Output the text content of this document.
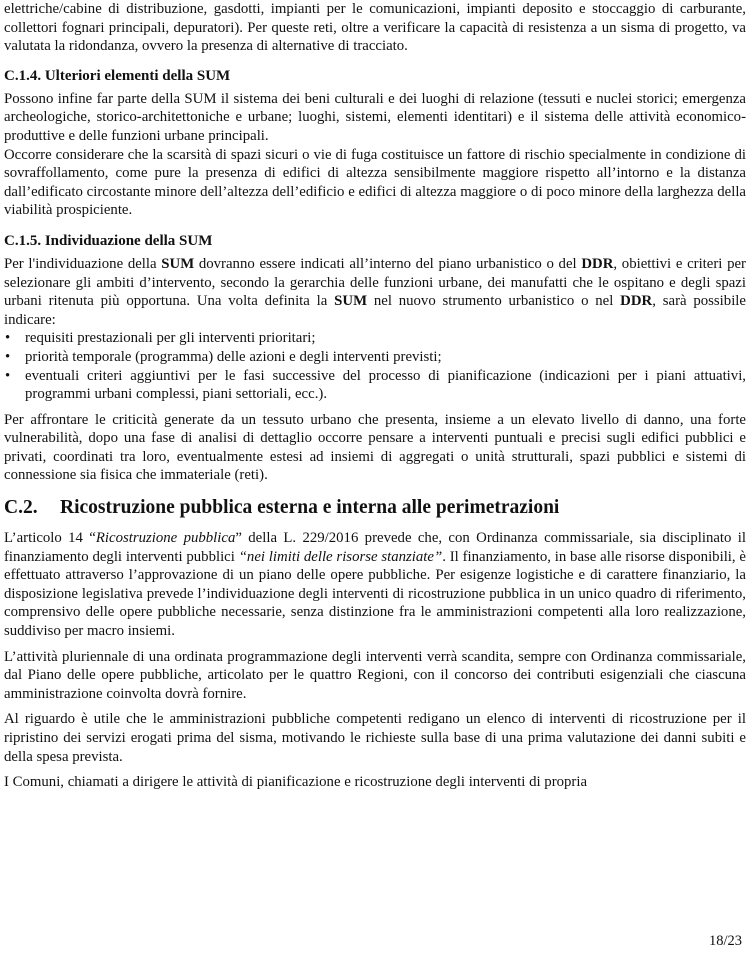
elettriche/cabine di distribuzione, gasdotti, impianti per le comunicazioni, impianti deposito e stoccaggio di carburante, collettori fognari principali, depuratori). Per queste reti, oltre a verificare la capacità di resistenza a un sisma di progetto, va valutata la ridondanza, ovvero la presenza di alternative di tracciato.

C.1.4. Ulteriori elementi della SUM

Possono infine far parte della SUM il sistema dei beni culturali e dei luoghi di relazione (tessuti e nuclei storici; emergenza archeologiche, storico-architettoniche e urbane; luoghi, sistemi, elementi identitari) e il sistema delle attività economico-produttive e delle funzioni urbane principali.

Occorre considerare che la scarsità di spazi sicuri o vie di fuga costituisce un fattore di rischio specialmente in condizione di sovraffollamento, come pure la presenza di edifici di altezza sensibilmente maggiore rispetto all’intorno e la distanza dall’edificato circostante minore dell’altezza dell’edificio e edifici di altezza maggiore o di poco minore della larghezza della viabilità prospiciente.

C.1.5. Individuazione della SUM

Per l'individuazione della SUM dovranno essere indicati all’interno del piano urbanistico o del DDR, obiettivi e criteri per selezionare gli ambiti d’intervento, secondo la gerarchia delle funzioni urbane, dei manufatti che le ospitano e degli spazi urbani ritenuta più opportuna. Una volta definita la SUM nel nuovo strumento urbanistico o nel DDR, sarà possibile indicare:

• requisiti prestazionali per gli interventi prioritari;
• priorità temporale (programma) delle azioni e degli interventi previsti;
• eventuali criteri aggiuntivi per le fasi successive del processo di pianificazione (indicazioni per i piani attuativi, programmi urbani complessi, piani settoriali, ecc.).

Per affrontare le criticità generate da un tessuto urbano che presenta, insieme a un elevato livello di danno, una forte vulnerabilità, dopo una fase di analisi di dettaglio occorre pensare a interventi puntuali e precisi sugli edifici pubblici e privati, coordinati tra loro, eventualmente estesi ad insiemi di aggregati o unità strutturali, spazi pubblici e sistemi di connessione sia fisica che immateriale (reti).

C.2. Ricostruzione pubblica esterna e interna alle perimetrazioni

L’articolo 14 “Ricostruzione pubblica” della L. 229/2016 prevede che, con Ordinanza commissariale, sia disciplinato il finanziamento degli interventi pubblici “nei limiti delle risorse stanziate”. Il finanziamento, in base alle risorse disponibili, è effettuato attraverso l’approvazione di un piano delle opere pubbliche. Per esigenze logistiche e di carattere finanziario, la disposizione legislativa prevede l’individuazione degli interventi di ricostruzione pubblica in un unico quadro di riferimento, comprensivo delle opere pubbliche necessarie, senza distinzione fra le amministrazioni competenti alla loro realizzazione, suddiviso per macro insiemi.

L’attività pluriennale di una ordinata programmazione degli interventi verrà scandita, sempre con Ordinanza commissariale, dal Piano delle opere pubbliche, articolato per le quattro Regioni, con il concorso dei contributi esigenziali che ciascuna amministrazione coinvolta dovrà fornire.

Al riguardo è utile che le amministrazioni pubbliche competenti redigano un elenco di interventi di ricostruzione per il ripristino dei servizi erogati prima del sisma, motivando le richieste sulla base di una prima valutazione dei danni subiti e della spesa prevista.

I Comuni, chiamati a dirigere le attività di pianificazione e ricostruzione degli interventi di propria

18/23
